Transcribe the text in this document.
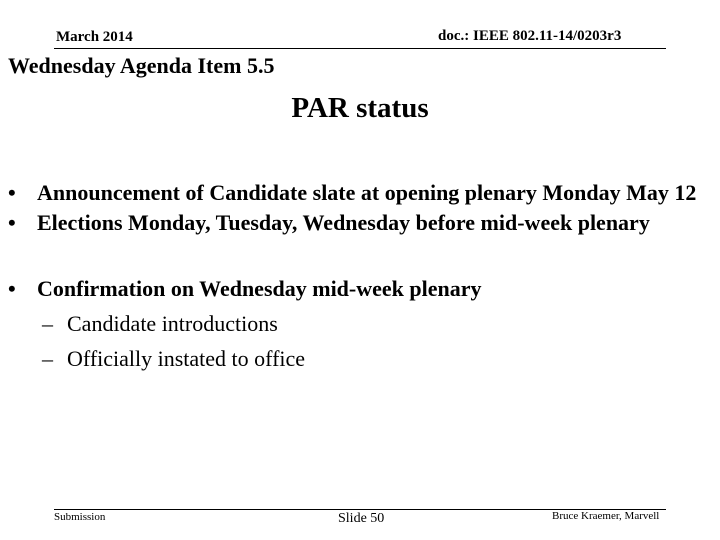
March 2014	doc.: IEEE 802.11-14/0203r3
Wednesday Agenda Item 5.5
PAR status
• Announcement of Candidate slate at opening plenary Monday May 12
• Elections Monday, Tuesday, Wednesday before mid-week plenary
• Confirmation on Wednesday mid-week plenary
– Candidate introductions
– Officially instated to office
Submission	Slide 50	Bruce Kraemer, Marvell
